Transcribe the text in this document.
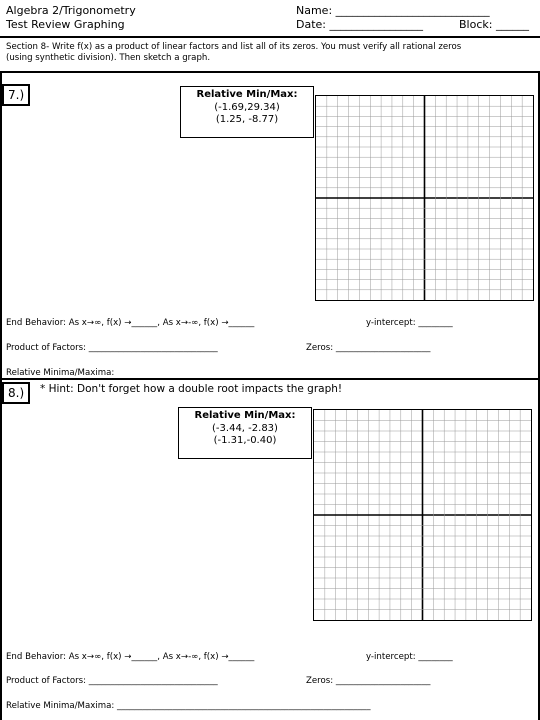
Algebra 2/Trigonometry
Test Review Graphing
Name: ____________________________
Date: _________________	Block: ______
Section 8- Write f(x) as a product of linear factors and list all of its zeros. You must verify all rational zeros
(using synthetic division). Then sketch a graph.
7.)	Relative Min/Max:
(-1.69,29.34)
(1.25, -8.77)
End Behavior: As x→∞, f(x) →______, As x→-∞, f(x) →______	y-intercept: ________
Product of Factors: ______________________________	Zeros: ______________________
Relative Minima/Maxima:
8.)	* Hint: Don't forget how a double root impacts the graph!
Relative Min/Max:
(-3.44, -2.83)
(-1.31,-0.40)
End Behavior: As x→∞, f(x) →______, As x→-∞, f(x) →______	y-intercept: ________
Product of Factors: ______________________________	Zeros: ______________________
Relative Minima/Maxima: ___________________________________________________________
